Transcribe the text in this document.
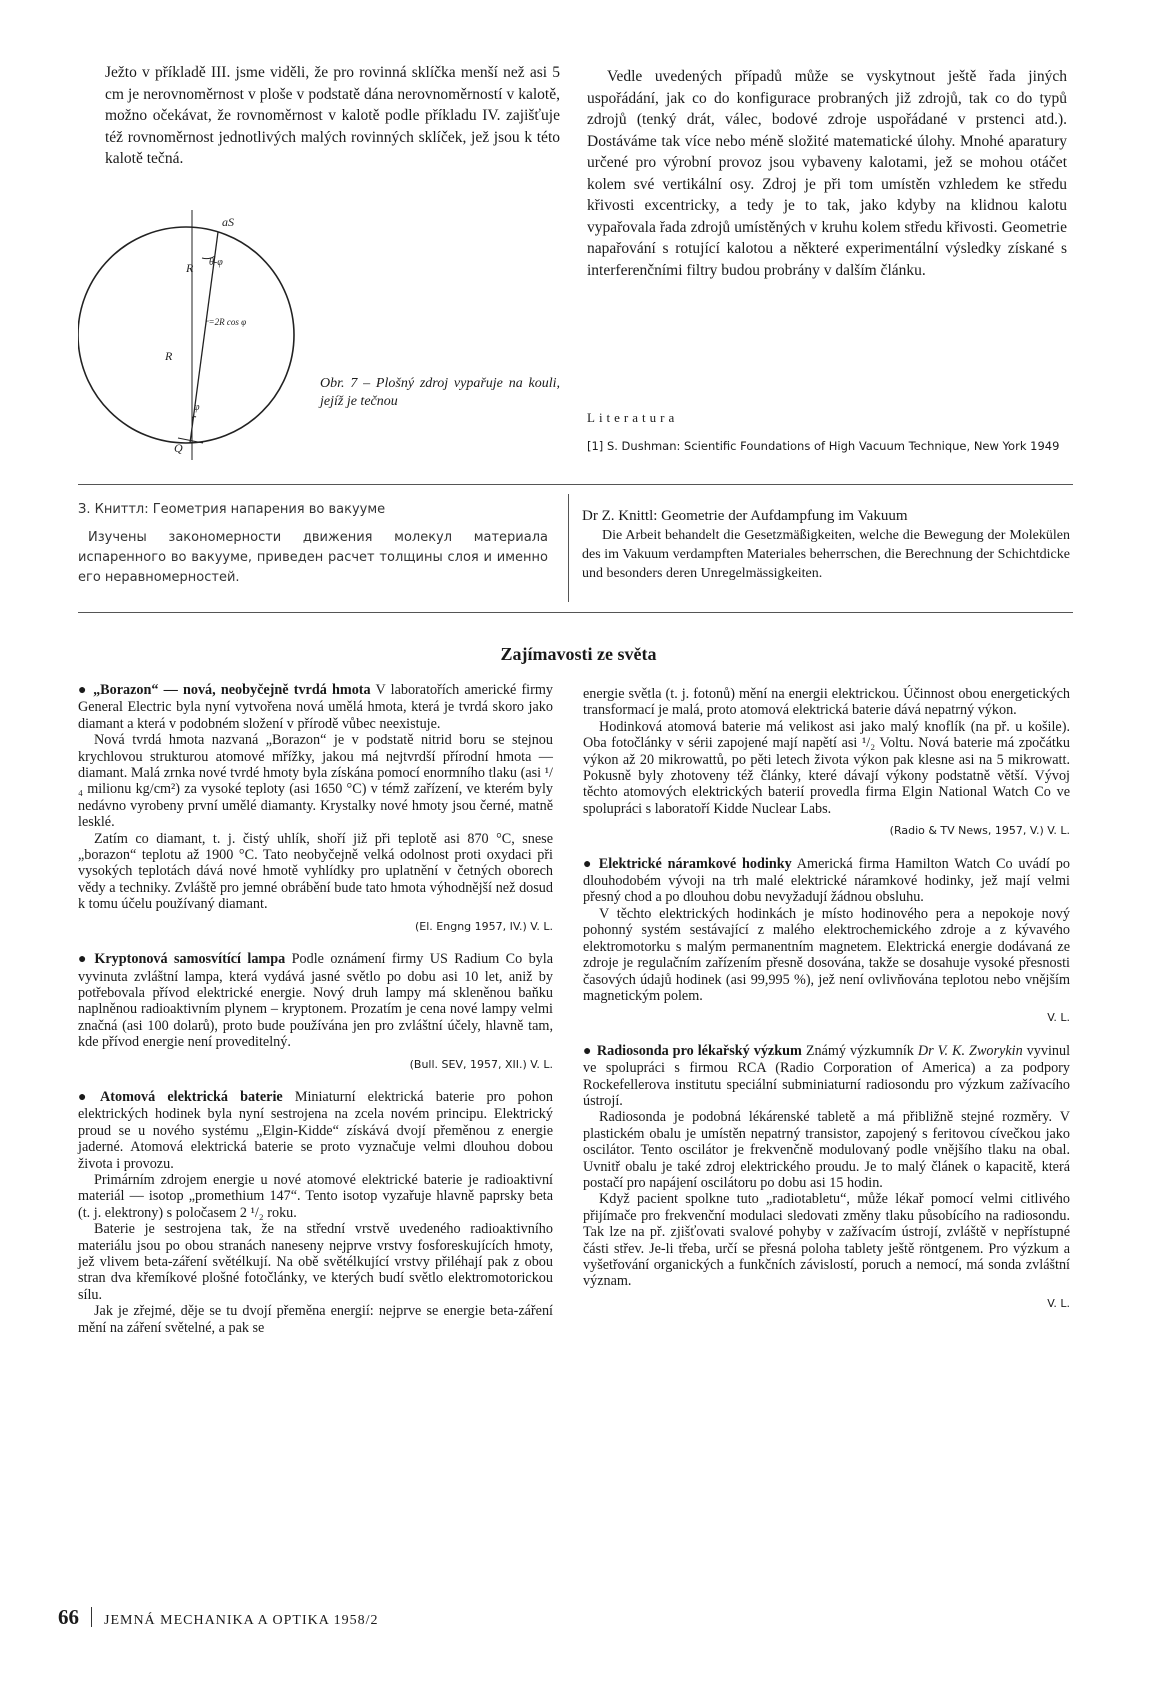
Ježto v příkladě III. jsme viděli, že pro rovinná sklíčka menší než asi 5 cm je nerovnoměrnost v ploše v podstatě dána nerovnoměrností v kalotě, možno očekávat, že rovnoměrnost v kalotě podle příkladu IV. zajišťuje též rovnoměrnost jednotlivých malých rovinných sklíček, jež jsou k této kalotě tečná.

aS
Q
R
R
θ-φ
r=2R cos φ
φ
Obr. 7 – Plošný zdroj vypařuje na kouli, jejíž je tečnou

Vedle uvedených případů může se vyskytnout ještě řada jiných uspořádání, jak co do konfigurace probraných již zdrojů, tak co do typů zdrojů (tenký drát, válec, bodové zdroje uspořádané v prstenci atd.). Dostáváme tak více nebo méně složité matematické úlohy. Mnohé aparatury určené pro výrobní provoz jsou vybaveny kalotami, jež se mohou otáčet kolem své vertikální osy. Zdroj je při tom umístěn vzhledem ke středu křivosti excentricky, a tedy je to tak, jako kdyby na klidnou kalotu vypařovala řada zdrojů umístěných v kruhu kolem středu křivosti. Geometrie napařování s rotující kalotou a některé experimentální výsledky získané s interferenčními filtry budou probrány v dalším článku.

Literatura
[1] S. Dushman: Scientific Foundations of High Vacuum Technique, New York 1949
З. Книттл: Геометрия напарения во вакууме
Изучены закономерности движения молекул материала испаренного во вакууме, приведен расчет толщины слоя и именно его неравномерностей.
Dr Z. Knittl: Geometrie der Aufdampfung im Vakuum
Die Arbeit behandelt die Gesetzmäßigkeiten, welche die Bewegung der Molekülen des im Vakuum verdampften Materiales beherrschen, die Berechnung der Schichtdicke und besonders deren Unregelmässigkeiten.
Zajímavosti ze světa

● „Borazon“ — nová, neobyčejně tvrdá hmota V laboratořích americké firmy General Electric byla nyní vytvořena nová umělá hmota, která je tvrdá skoro jako diamant a která v podobném složení v přírodě vůbec neexistuje.

Nová tvrdá hmota nazvaná „Borazon“ je v podstatě nitrid boru se stejnou krychlovou strukturou atomové mřížky, jakou má nejtvrdší přírodní hmota — diamant. Malá zrnka nové tvrdé hmoty byla získána pomocí enormního tlaku (asi ¹/₄ milionu kg/cm²) za vysoké teploty (asi 1650 °C) v témž zařízení, ve kterém byly nedávno vyrobeny první umělé diamanty. Krystalky nové hmoty jsou černé, matně lesklé.

Zatím co diamant, t. j. čistý uhlík, shoří již při teplotě asi 870 °C, snese „borazon“ teplotu až 1900 °C. Tato neobyčejně velká odolnost proti oxydaci při vysokých teplotách dává nové hmotě vyhlídky pro uplatnění v četných oborech vědy a techniky. Zvláště pro jemné obrábění bude tato hmota výhodnější než dosud k tomu účelu používaný diamant.

(El. Engng 1957, IV.) V. L.

● Kryptonová samosvítící lampa Podle oznámení firmy US Radium Co byla vyvinuta zvláštní lampa, která vydává jasné světlo po dobu asi 10 let, aniž by potřebovala přívod elektrické energie. Nový druh lampy má skleněnou baňku naplněnou radioaktivním plynem – kryptonem. Prozatím je cena nové lampy velmi značná (asi 100 dolarů), proto bude používána jen pro zvláštní účely, hlavně tam, kde přívod energie není proveditelný.

(Bull. SEV, 1957, XII.) V. L.

● Atomová elektrická baterie Miniaturní elektrická baterie pro pohon elektrických hodinek byla nyní sestrojena na zcela novém principu. Elektrický proud se u nového systému „Elgin-Kidde“ získává dvojí přeměnou z energie jaderné. Atomová elektrická baterie se proto vyznačuje velmi dlouhou dobou života i provozu.

Primárním zdrojem energie u nové atomové elektrické baterie je radioaktivní materiál — isotop „promethium 147“. Tento isotop vyzařuje hlavně paprsky beta (t. j. elektrony) s poločasem 2 ¹/₂ roku.

Baterie je sestrojena tak, že na střední vrstvě uvedeného radioaktivního materiálu jsou po obou stranách naneseny nejprve vrstvy fosforeskujících hmoty, jež vlivem beta-záření světélkují. Na obě světélkující vrstvy přiléhají pak z obou stran dva křemíkové plošné fotočlánky, ve kterých budí světlo elektromotorickou sílu.

Jak je zřejmé, děje se tu dvojí přeměna energií: nejprve se energie beta-záření mění na záření světelné, a pak se

energie světla (t. j. fotonů) mění na energii elektrickou. Účinnost obou energetických transformací je malá, proto atomová elektrická baterie dává nepatrný výkon.

Hodinková atomová baterie má velikost asi jako malý knoflík (na př. u košile). Oba fotočlánky v sérii zapojené mají napětí asi ¹/₂ Voltu. Nová baterie má zpočátku výkon až 20 mikrowattů, po pěti letech života výkon pak klesne asi na 5 mikrowatt. Pokusně byly zhotoveny též články, které dávají výkony podstatně větší. Vývoj těchto atomových elektrických baterií provedla firma Elgin National Watch Co ve spolupráci s laboratoří Kidde Nuclear Labs.

(Radio & TV News, 1957, V.) V. L.

● Elektrické náramkové hodinky Americká firma Hamilton Watch Co uvádí po dlouhodobém vývoji na trh malé elektrické náramkové hodinky, jež mají velmi přesný chod a po dlouhou dobu nevyžadují žádnou obsluhu.

V těchto elektrických hodinkách je místo hodinového pera a nepokoje nový pohonný systém sestávající z malého elektrochemického zdroje a z kývavého elektromotorku s malým permanentním magnetem. Elektrická energie dodávaná ze zdroje je regulačním zařízením přesně dosována, takže se dosahuje vysoké přesnosti časových údajů hodinek (asi 99,995 %), jež není ovlivňována teplotou nebo vnějším magnetickým polem.

V. L.

● Radiosonda pro lékařský výzkum Známý výzkumník Dr V. K. Zworykin vyvinul ve spolupráci s firmou RCA (Radio Corporation of America) a za podpory Rockefellerova institutu speciální subminiaturní radiosondu pro výzkum zažívacího ústrojí.

Radiosonda je podobná lékárenské tabletě a má přibližně stejné rozměry. V plastickém obalu je umístěn nepatrný transistor, zapojený s feritovou cívečkou jako oscilátor. Tento oscilátor je frekvenčně modulovaný podle vnějšího tlaku na obal. Uvnitř obalu je také zdroj elektrického proudu. Je to malý článek o kapacitě, která postačí pro napájení oscilátoru po dobu asi 15 hodin.

Když pacient spolkne tuto „radiotabletu“, může lékař pomocí velmi citlivého přijímače pro frekvenční modulaci sledovati změny tlaku působícího na radiosondu. Tak lze na př. zjišťovati svalové pohyby v zažívacím ústrojí, zvláště v nepřístupné části střev. Je-li třeba, určí se přesná poloha tablety ještě röntgenem. Pro výzkum a vyšetřování organických a funkčních závislostí, poruch a nemocí, má sonda zvláštní význam.

V. L.
66 JEMNÁ MECHANIKA A OPTIKA 1958/2
